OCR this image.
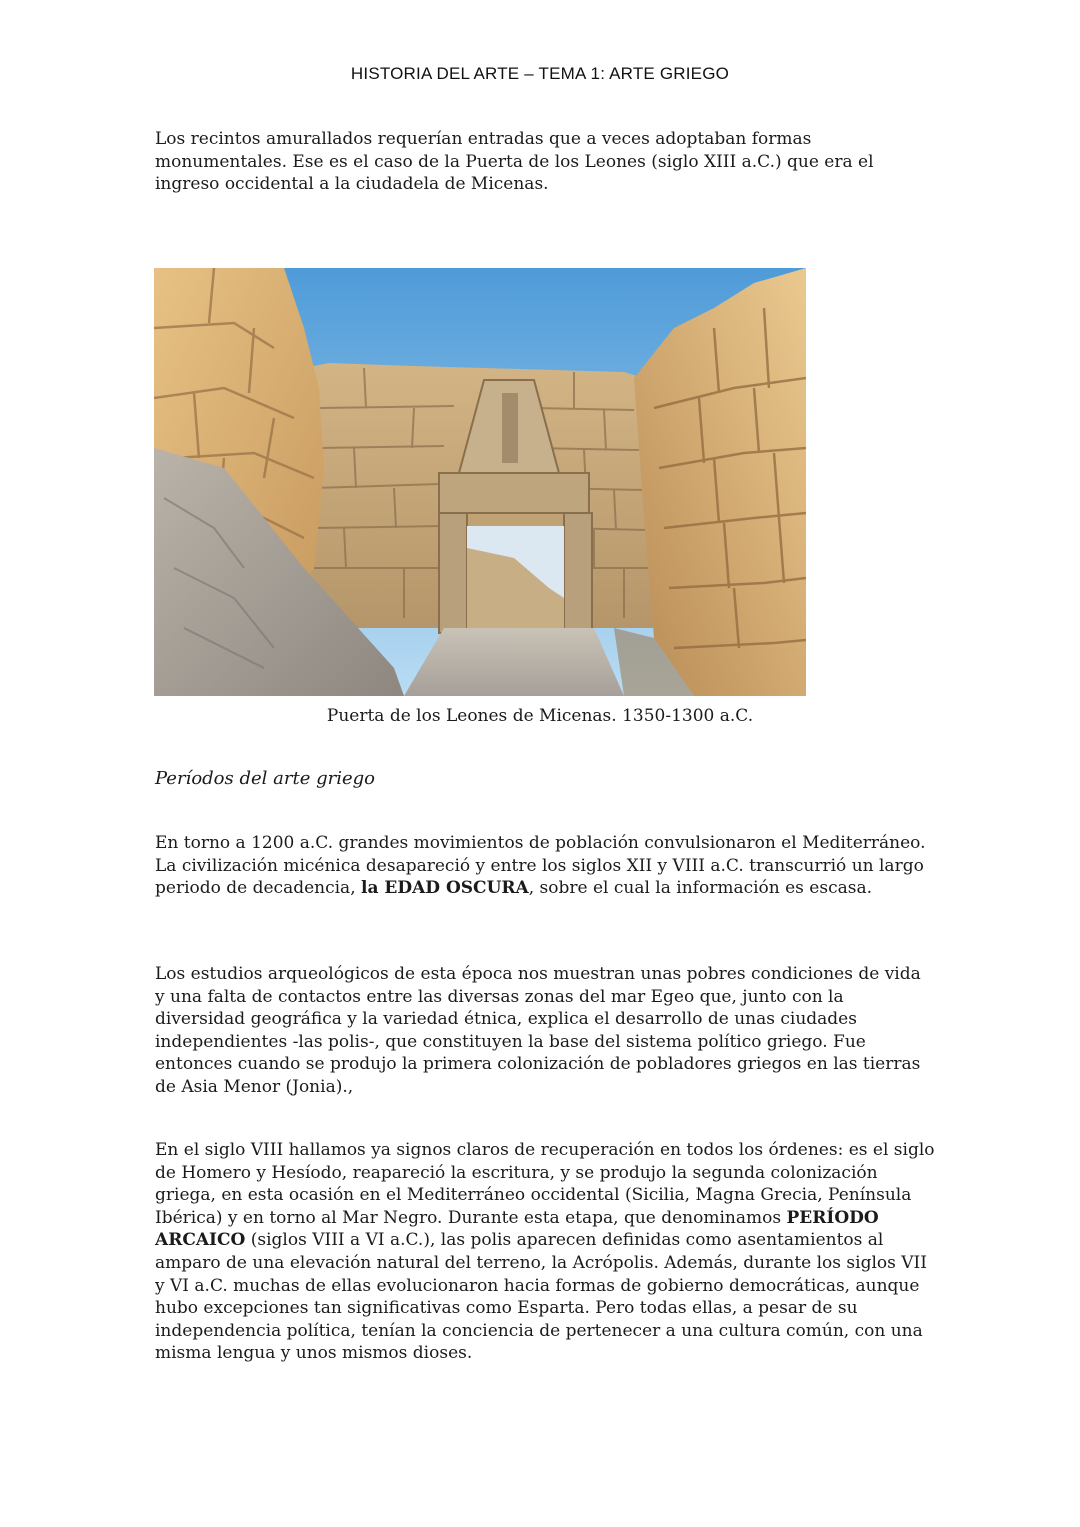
HISTORIA DEL ARTE – TEMA 1: ARTE GRIEGO

Los recintos amurallados requerían entradas que a veces adoptaban formas monumentales. Ese es el caso de la Puerta de los Leones (siglo XIII a.C.) que era el ingreso occidental a la ciudadela de Micenas.

Puerta de los Leones de Micenas. 1350-1300 a.C.

Períodos del arte griego

En torno a 1200 a.C. grandes movimientos de población convulsionaron el Mediterráneo. La civilización micénica desapareció y entre los siglos XII y VIII a.C. transcurrió un largo periodo de decadencia, la EDAD OSCURA, sobre el cual la información es escasa.

Los estudios arqueológicos de esta época nos muestran unas pobres condiciones de vida y una falta de contactos entre las diversas zonas del mar Egeo que, junto con la diversidad geográfica y la variedad étnica, explica el desarrollo de unas ciudades independientes -las polis-, que constituyen la base del sistema político griego. Fue entonces cuando se produjo la primera colonización de pobladores griegos en las tierras de Asia Menor (Jonia).,

En el siglo VIII hallamos ya signos claros de recuperación en todos los órdenes: es el siglo de Homero y Hesíodo, reapareció la escritura, y se produjo la segunda colonización griega, en esta ocasión en el Mediterráneo occidental (Sicilia, Magna Grecia, Península Ibérica) y en torno al Mar Negro. Durante esta etapa, que denominamos PERÍODO ARCAICO (siglos VIII a VI a.C.), las polis aparecen definidas como asentamientos al amparo de una elevación natural del terreno, la Acrópolis. Además, durante los siglos VII y VI a.C. muchas de ellas evolucionaron hacia formas de gobierno democráticas, aunque hubo excepciones tan significativas como Esparta. Pero todas ellas, a pesar de su independencia política, tenían la conciencia de pertenecer a una cultura común, con una misma lengua y unos mismos dioses.
